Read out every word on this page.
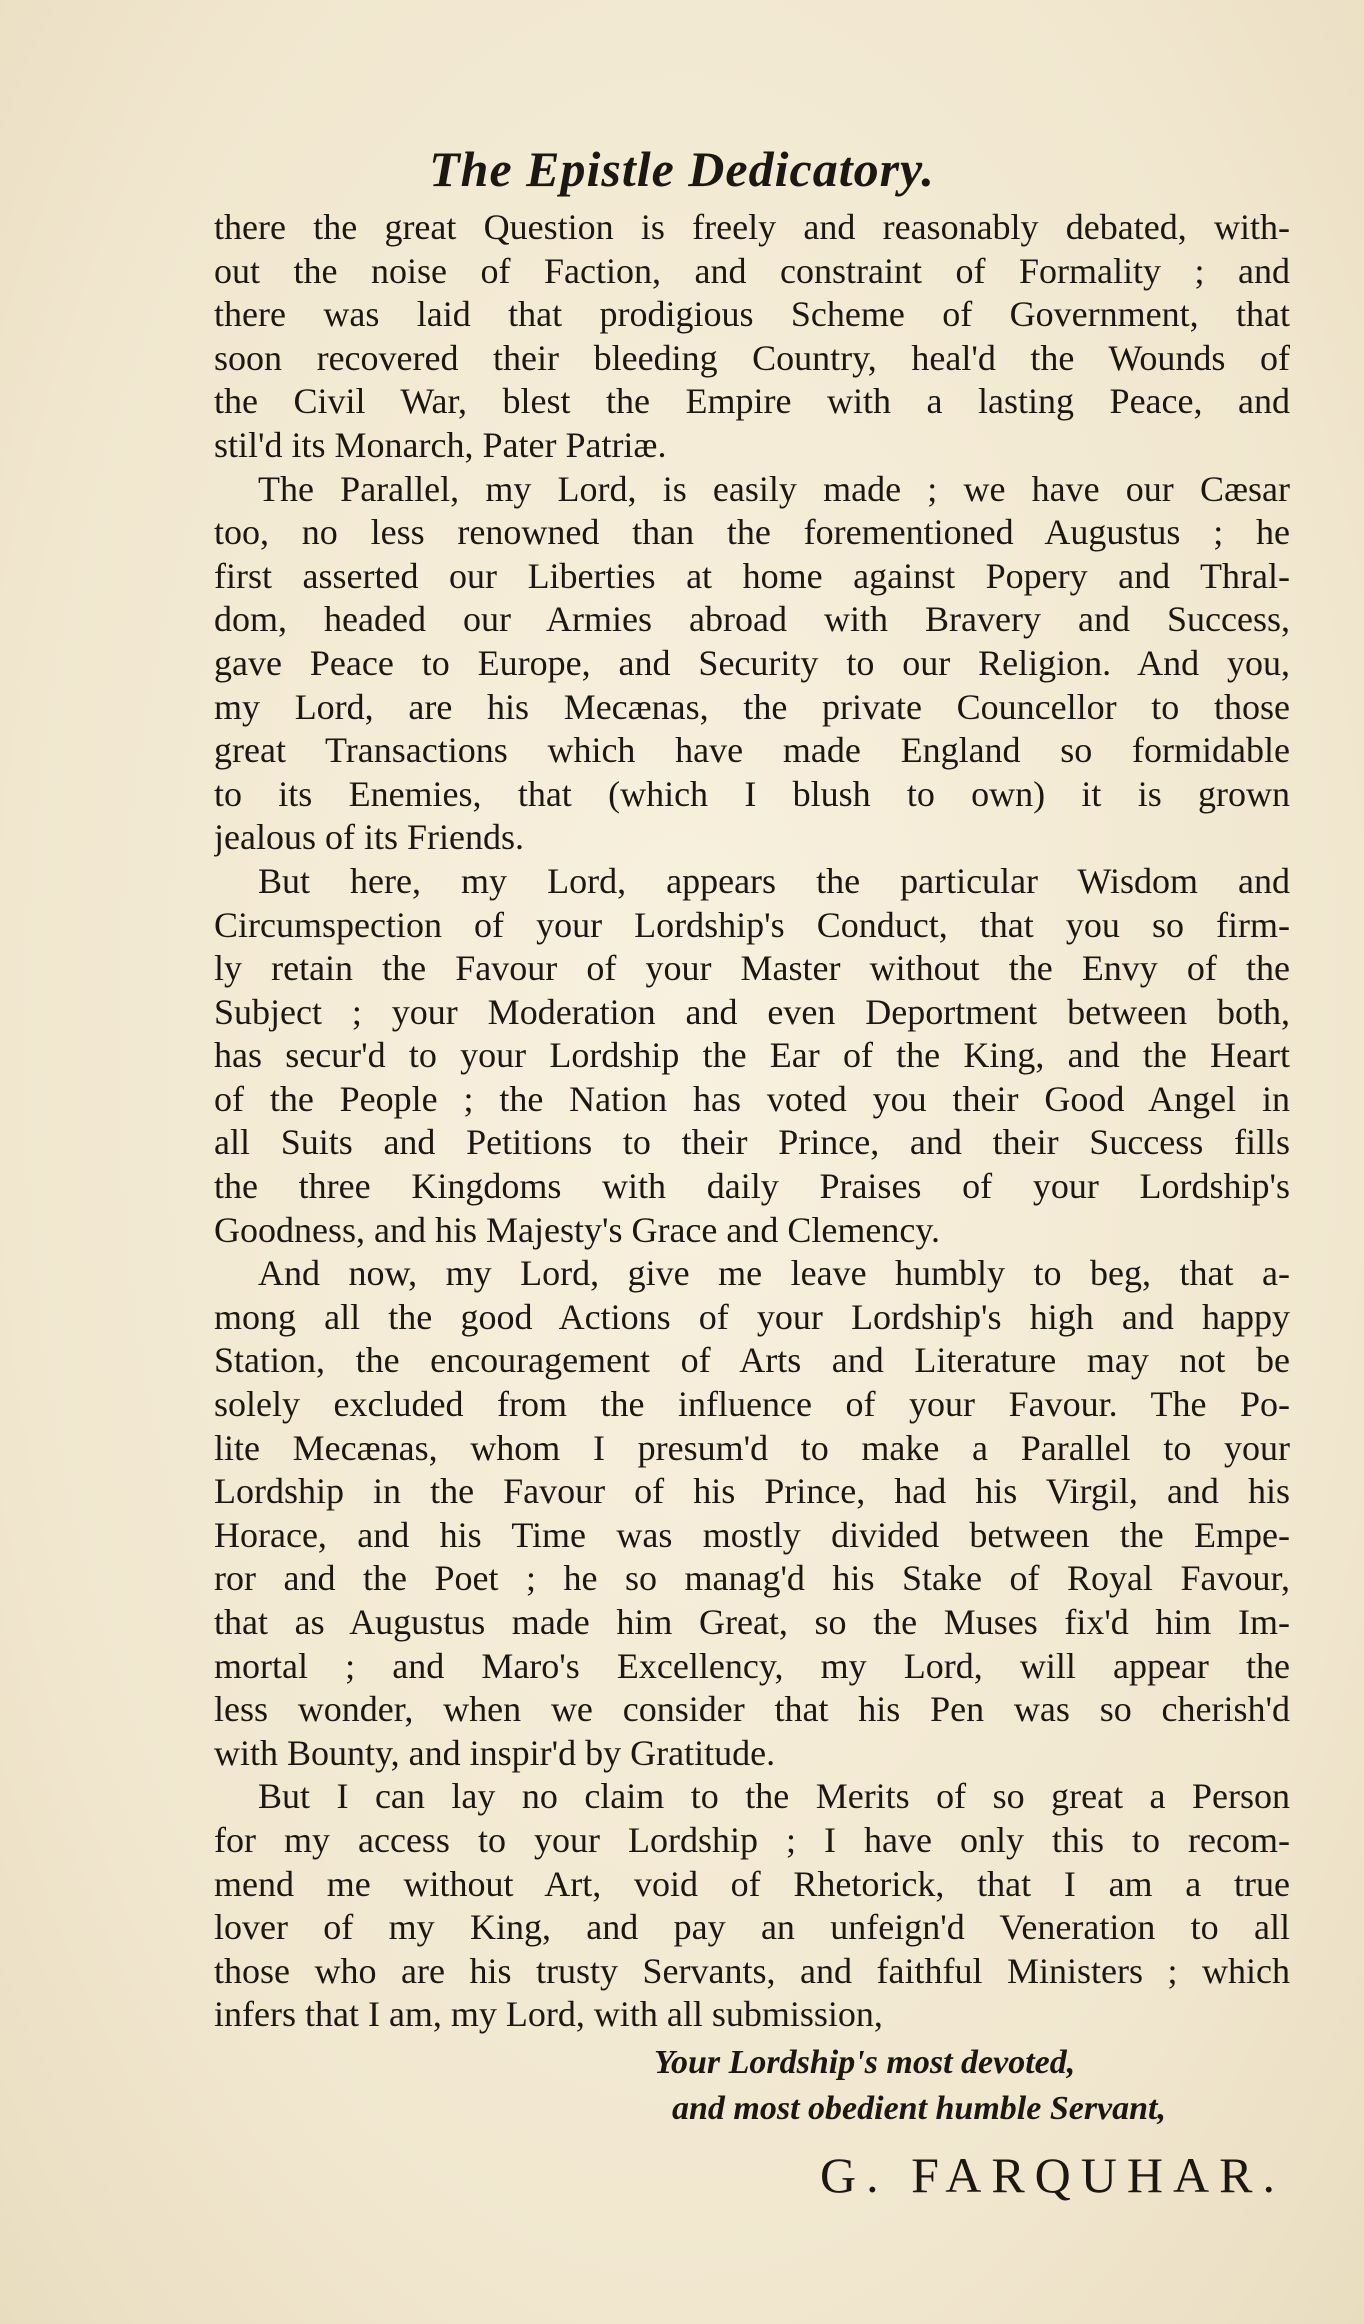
The Epistle Dedicatory.
there the great Question is freely and reasonably debated, with-
out the noise of Faction, and constraint of Formality ; and
there was laid that prodigious Scheme of Government, that
soon recovered their bleeding Country, heal'd the Wounds of
the Civil War, blest the Empire with a lasting Peace, and
stil'd its Monarch, Pater Patriæ.
The Parallel, my Lord, is easily made ; we have our Cæsar
too, no less renowned than the forementioned Augustus ; he
first asserted our Liberties at home against Popery and Thral-
dom, headed our Armies abroad with Bravery and Success,
gave Peace to Europe, and Security to our Religion. And you,
my Lord, are his Mecænas, the private Councellor to those
great Transactions which have made England so formidable
to its Enemies, that (which I blush to own) it is grown
jealous of its Friends.
But here, my Lord, appears the particular Wisdom and
Circumspection of your Lordship's Conduct, that you so firm-
ly retain the Favour of your Master without the Envy of the
Subject ; your Moderation and even Deportment between both,
has secur'd to your Lordship the Ear of the King, and the Heart
of the People ; the Nation has voted you their Good Angel in
all Suits and Petitions to their Prince, and their Success fills
the three Kingdoms with daily Praises of your Lordship's
Goodness, and his Majesty's Grace and Clemency.
And now, my Lord, give me leave humbly to beg, that a-
mong all the good Actions of your Lordship's high and happy
Station, the encouragement of Arts and Literature may not be
solely excluded from the influence of your Favour. The Po-
lite Mecænas, whom I presum'd to make a Parallel to your
Lordship in the Favour of his Prince, had his Virgil, and his
Horace, and his Time was mostly divided between the Empe-
ror and the Poet ; he so manag'd his Stake of Royal Favour,
that as Augustus made him Great, so the Muses fix'd him Im-
mortal ; and Maro's Excellency, my Lord, will appear the
less wonder, when we consider that his Pen was so cherish'd
with Bounty, and inspir'd by Gratitude.
But I can lay no claim to the Merits of so great a Person
for my access to your Lordship ; I have only this to recom-
mend me without Art, void of Rhetorick, that I am a true
lover of my King, and pay an unfeign'd Veneration to all
those who are his trusty Servants, and faithful Ministers ; which
infers that I am, my Lord, with all submission,
Your Lordship's most devoted,
and most obedient humble Servant,
G. FARQUHAR.
